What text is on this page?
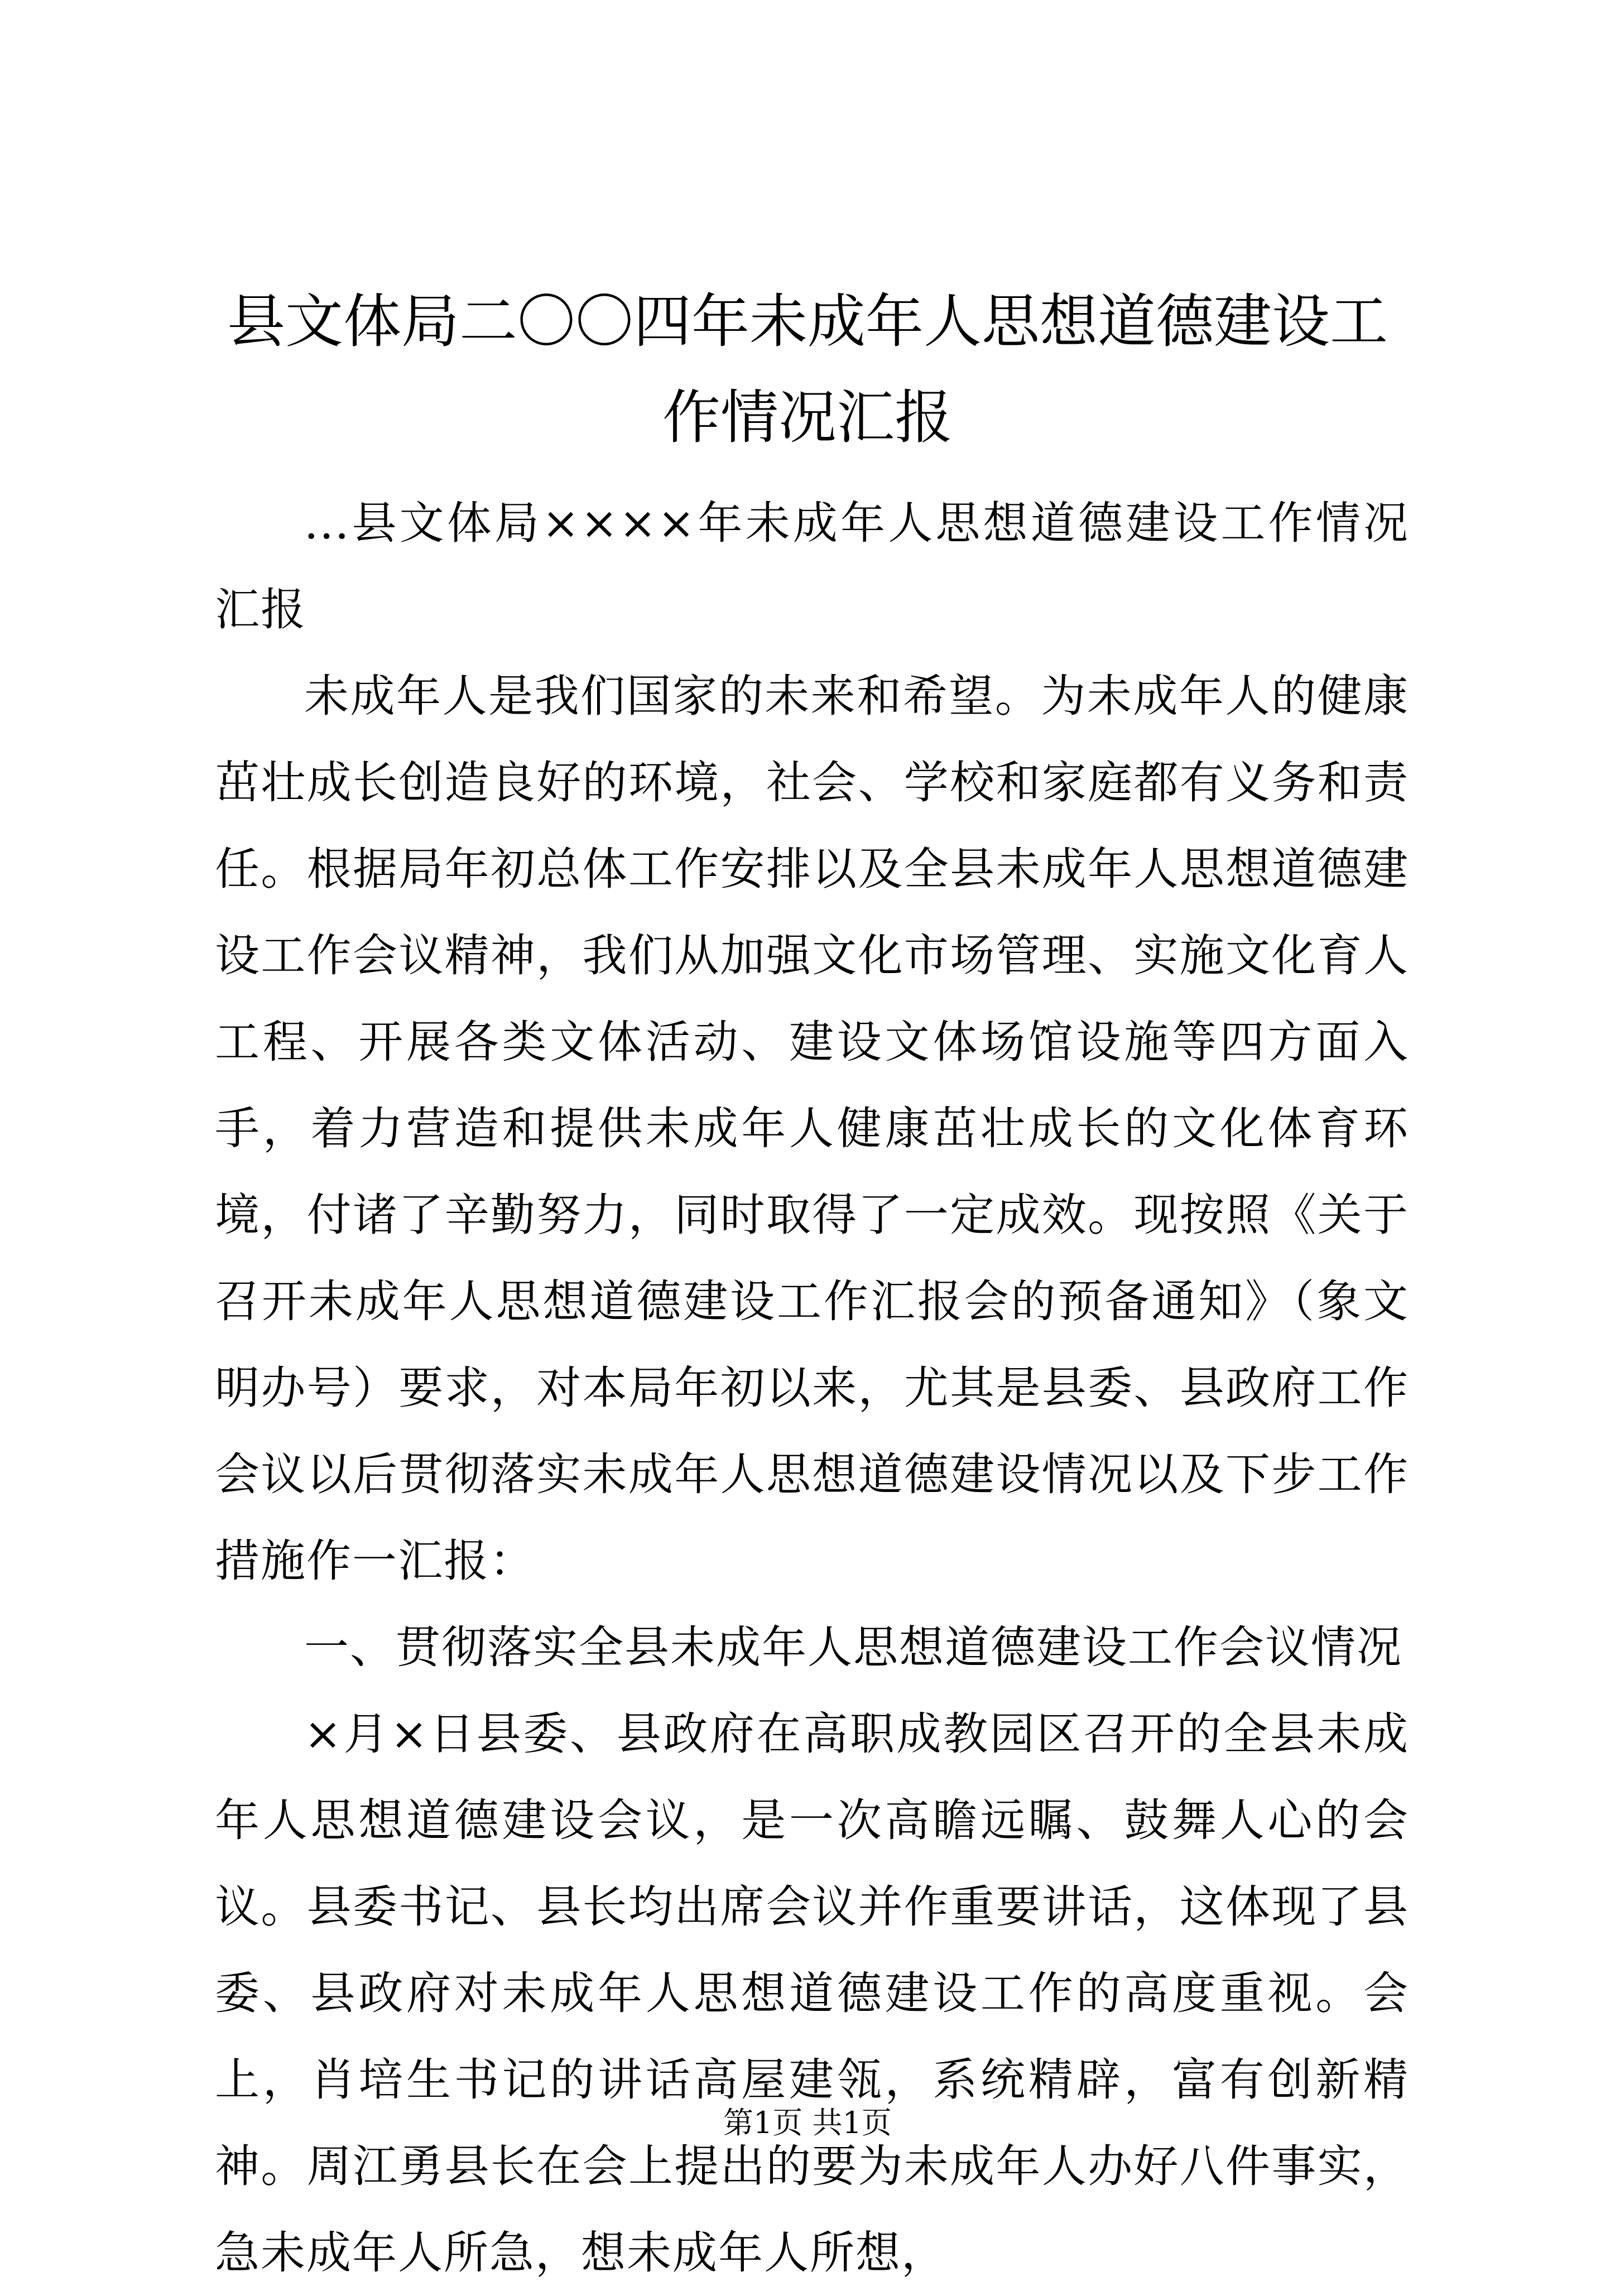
县文体局二〇〇四年未成年人思想道德建设工作情况汇报

...县文体局××××年未成年人思想道德建设工作情况汇报

未成年人是我们国家的未来和希望。为未成年人的健康茁壮成长创造良好的环境，社会、学校和家庭都有义务和责任。根据局年初总体工作安排以及全县未成年人思想道德建设工作会议精神，我们从加强文化市场管理、实施文化育人工程、开展各类文体活动、建设文体场馆设施等四方面入手，着力营造和提供未成年人健康茁壮成长的文化体育环境，付诸了辛勤努力，同时取得了一定成效。现按照《关于召开未成年人思想道德建设工作汇报会的预备通知》（象文明办号）要求，对本局年初以来，尤其是县委、县政府工作会议以后贯彻落实未成年人思想道德建设情况以及下步工作措施作一汇报：

一、贯彻落实全县未成年人思想道德建设工作会议情况

×月×日县委、县政府在高职成教园区召开的全县未成年人思想道德建设会议，是一次高瞻远瞩、鼓舞人心的会议。县委书记、县长均出席会议并作重要讲话，这体现了县委、县政府对未成年人思想道德建设工作的高度重视。会上，肖培生书记的讲话高屋建瓴，系统精辟，富有创新精神。周江勇县长在会上提出的要为未成年人办好八件事实，急未成年人所急，想未成年人所想，

第1页 共1页
